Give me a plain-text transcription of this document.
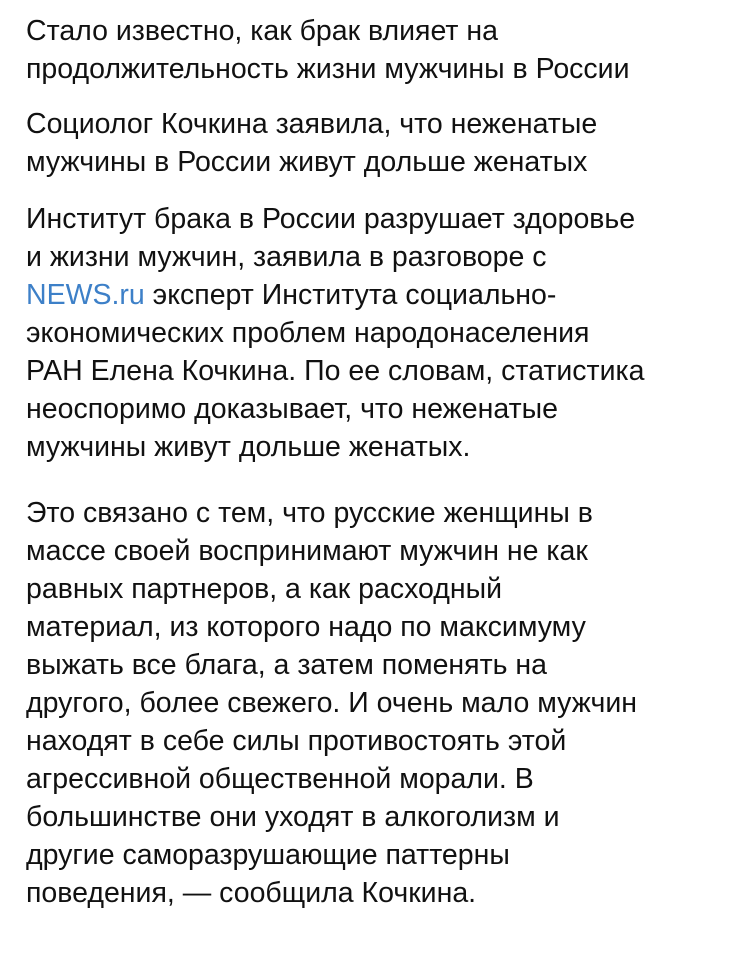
Стало известно, как брак влияет на
продолжительность жизни мужчины в России

Социолог Кочкина заявила, что неженатые
мужчины в России живут дольше женатых

Институт брака в России разрушает здоровье
и жизни мужчин, заявила в разговоре с
NEWS.ru эксперт Института социально-
экономических проблем народонаселения
РАН Елена Кочкина. По ее словам, статистика
неоспоримо доказывает, что неженатые
мужчины живут дольше женатых.

Это связано с тем, что русские женщины в
массе своей воспринимают мужчин не как
равных партнеров, а как расходный
материал, из которого надо по максимуму
выжать все блага, а затем поменять на
другого, более свежего. И очень мало мужчин
находят в себе силы противостоять этой
агрессивной общественной морали. В
большинстве они уходят в алкоголизм и
другие саморазрушающие паттерны
поведения, — сообщила Кочкина.
